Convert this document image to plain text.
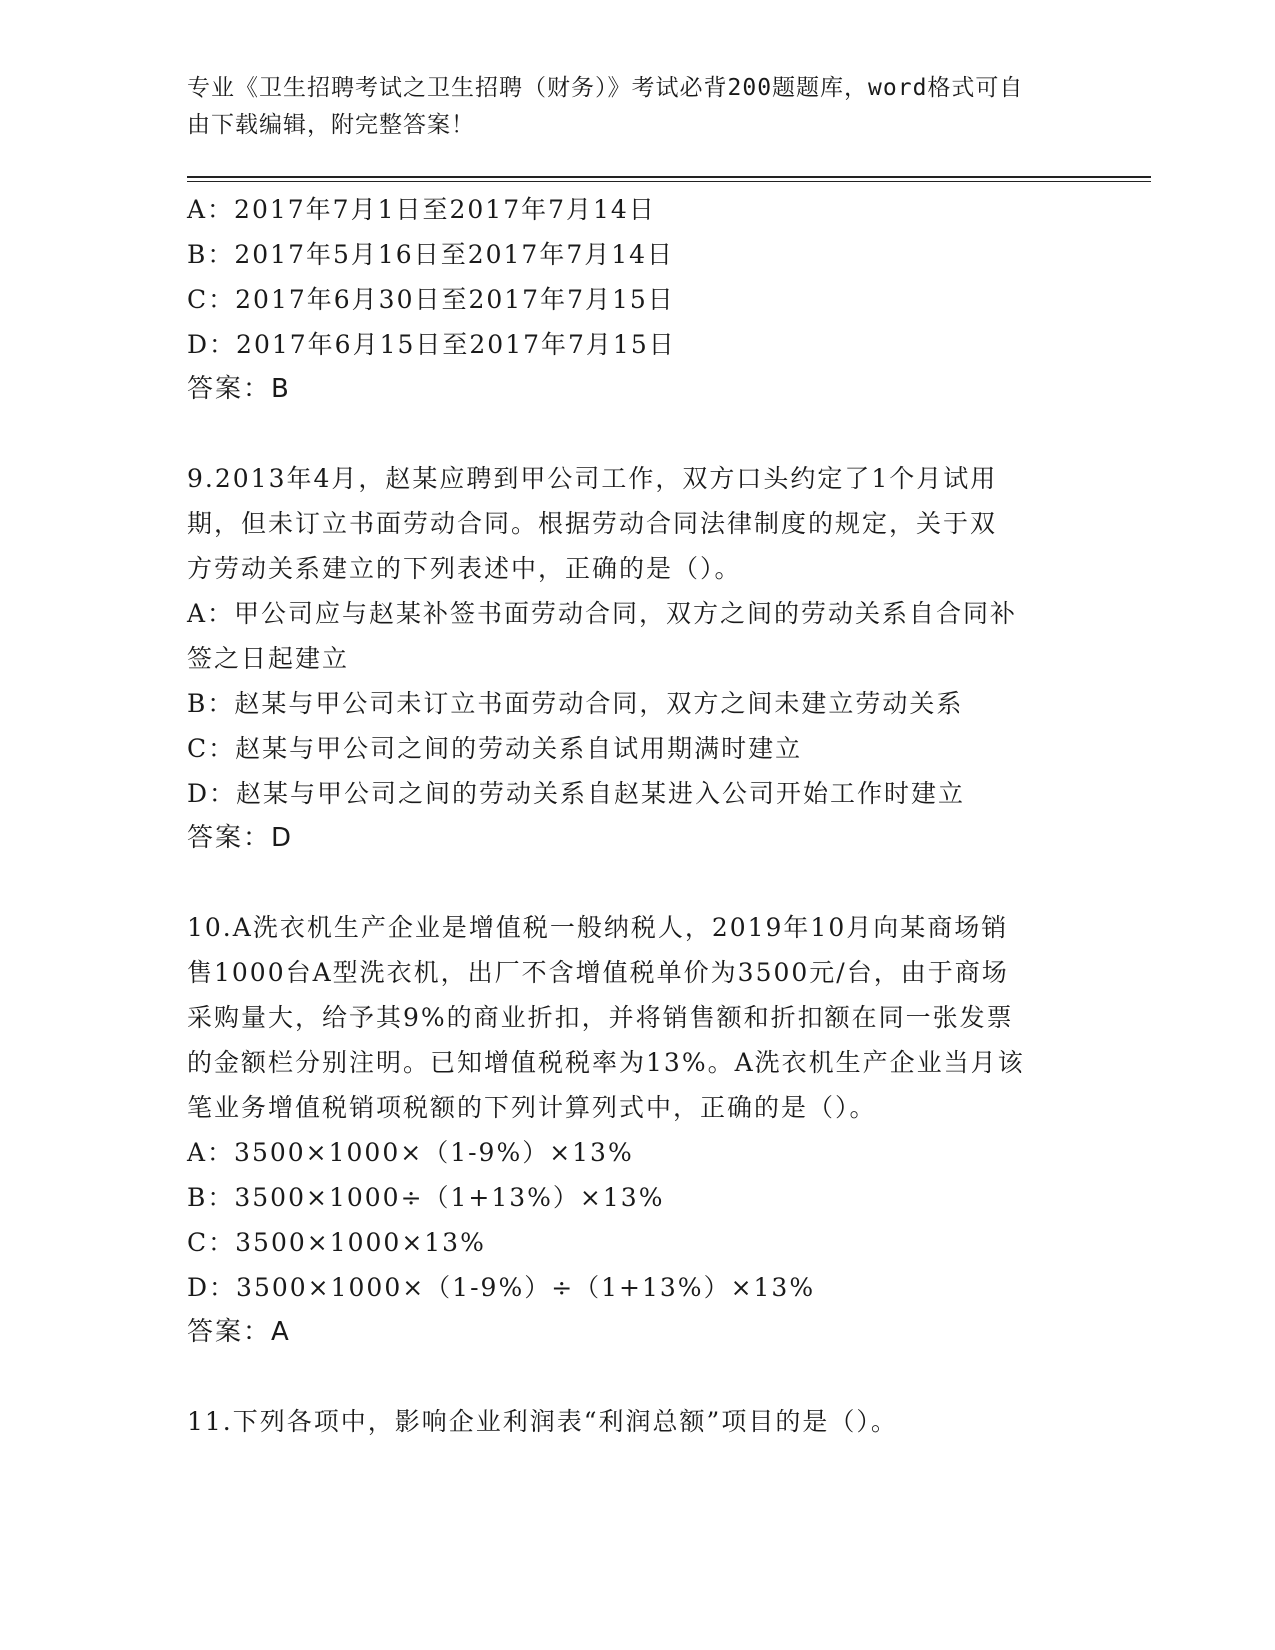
专业《卫生招聘考试之卫生招聘（财务）》考试必背200题题库，word格式可自
由下载编辑，附完整答案！
A：2017年7月1日至2017年7月14日
B：2017年5月16日至2017年7月14日
C：2017年6月30日至2017年7月15日
D：2017年6月15日至2017年7月15日
答案：B
9.2013年4月，赵某应聘到甲公司工作，双方口头约定了1个月试用
期，但未订立书面劳动合同。根据劳动合同法律制度的规定，关于双
方劳动关系建立的下列表述中，正确的是（）。
A：甲公司应与赵某补签书面劳动合同，双方之间的劳动关系自合同补
签之日起建立
B：赵某与甲公司未订立书面劳动合同，双方之间未建立劳动关系
C：赵某与甲公司之间的劳动关系自试用期满时建立
D：赵某与甲公司之间的劳动关系自赵某进入公司开始工作时建立
答案：D
10.A洗衣机生产企业是增值税一般纳税人，2019年10月向某商场销
售1000台A型洗衣机，出厂不含增值税单价为3500元/台，由于商场
采购量大，给予其9%的商业折扣，并将销售额和折扣额在同一张发票
的金额栏分别注明。已知增值税税率为13%。A洗衣机生产企业当月该
笔业务增值税销项税额的下列计算列式中，正确的是（）。
A：3500×1000×（1-9%）×13%
B：3500×1000÷（1+13%）×13%
C：3500×1000×13%
D：3500×1000×（1-9%）÷（1+13%）×13%
答案：A
11.下列各项中，影响企业利润表“利润总额”项目的是（）。
